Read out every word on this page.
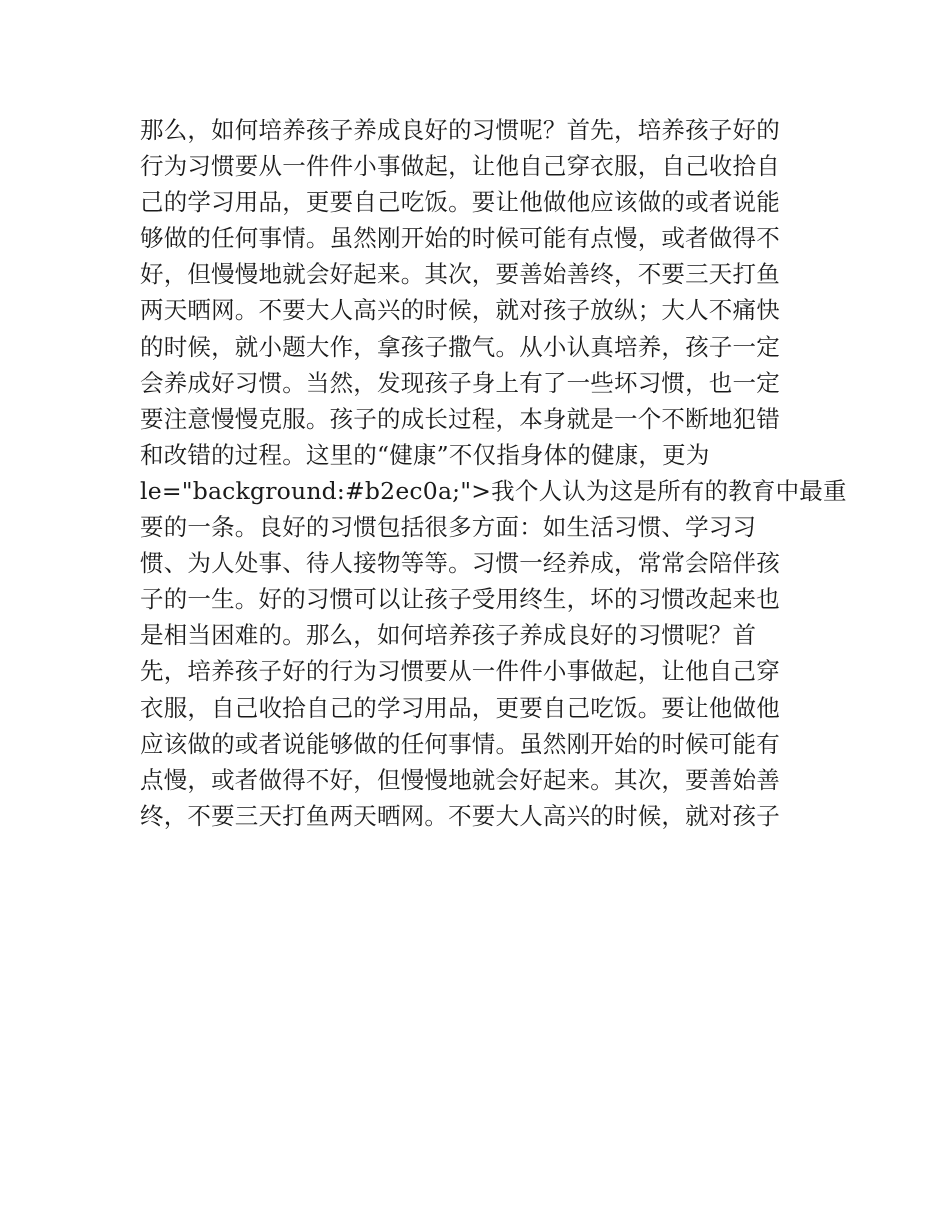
那么，如何培养孩子养成良好的习惯呢？首先，培养孩子好的
行为习惯要从一件件小事做起，让他自己穿衣服，自己收拾自
己的学习用品，更要自己吃饭。要让他做他应该做的或者说能
够做的任何事情。虽然刚开始的时候可能有点慢，或者做得不
好，但慢慢地就会好起来。其次，要善始善终，不要三天打鱼
两天晒网。不要大人高兴的时候，就对孩子放纵；大人不痛快
的时候，就小题大作，拿孩子撒气。从小认真培养，孩子一定
会养成好习惯。当然，发现孩子身上有了一些坏习惯，也一定
要注意慢慢克服。孩子的成长过程，本身就是一个不断地犯错
和改错的过程。这里的“健康”不仅指身体的健康，更为
le="background:#b2ec0a;">我个人认为这是所有的教育中最重
要的一条。良好的习惯包括很多方面：如生活习惯、学习习
惯、为人处事、待人接物等等。习惯一经养成，常常会陪伴孩
子的一生。好的习惯可以让孩子受用终生，坏的习惯改起来也
是相当困难的。那么，如何培养孩子养成良好的习惯呢？首
先，培养孩子好的行为习惯要从一件件小事做起，让他自己穿
衣服，自己收拾自己的学习用品，更要自己吃饭。要让他做他
应该做的或者说能够做的任何事情。虽然刚开始的时候可能有
点慢，或者做得不好，但慢慢地就会好起来。其次，要善始善
终，不要三天打鱼两天晒网。不要大人高兴的时候，就对孩子
